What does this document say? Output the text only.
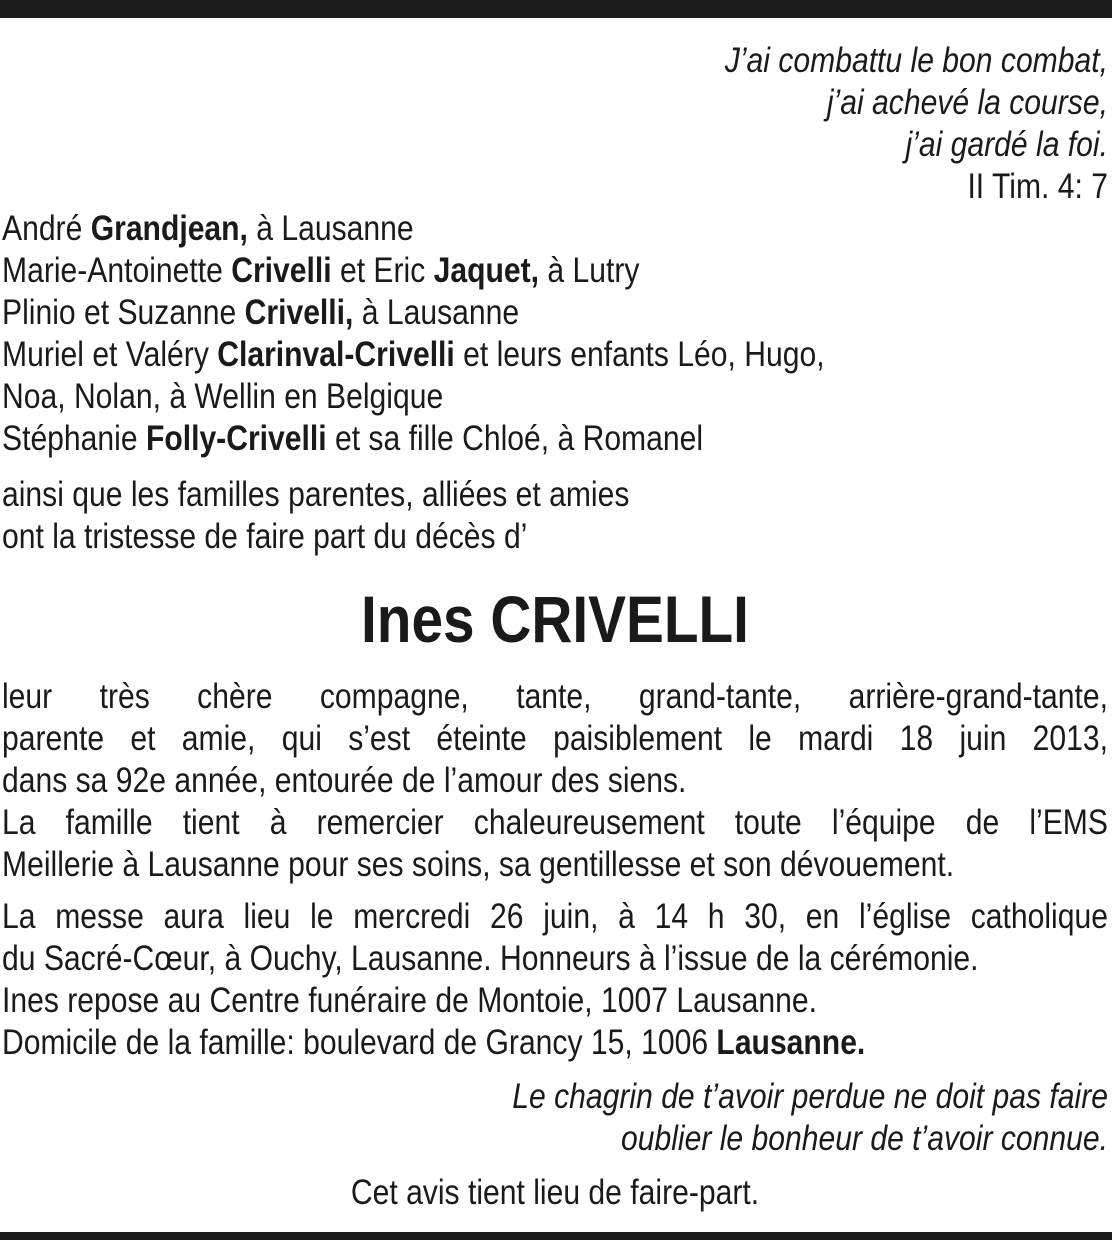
J’ai combattu le bon combat,
j’ai achevé la course,
j’ai gardé la foi.
II Tim. 4: 7
André Grandjean, à Lausanne
Marie-Antoinette Crivelli et Eric Jaquet, à Lutry
Plinio et Suzanne Crivelli, à Lausanne
Muriel et Valéry Clarinval-Crivelli et leurs enfants Léo, Hugo,
Noa, Nolan, à Wellin en Belgique
Stéphanie Folly-Crivelli et sa fille Chloé, à Romanel
ainsi que les familles parentes, alliées et amies
ont la tristesse de faire part du décès d’
Ines CRIVELLI
leur très chère compagne, tante, grand-tante, arrière-grand-tante,
parente et amie, qui s’est éteinte paisiblement le mardi 18 juin 2013,
dans sa 92e année, entourée de l’amour des siens.
La famille tient à remercier chaleureusement toute l’équipe de l’EMS
Meillerie à Lausanne pour ses soins, sa gentillesse et son dévouement.
La messe aura lieu le mercredi 26 juin, à 14 h 30, en l’église catholique
du Sacré-Cœur, à Ouchy, Lausanne. Honneurs à l’issue de la cérémonie.
Ines repose au Centre funéraire de Montoie, 1007 Lausanne.
Domicile de la famille: boulevard de Grancy 15, 1006 Lausanne.
Le chagrin de t’avoir perdue ne doit pas faire
oublier le bonheur de t’avoir connue.
Cet avis tient lieu de faire-part.
